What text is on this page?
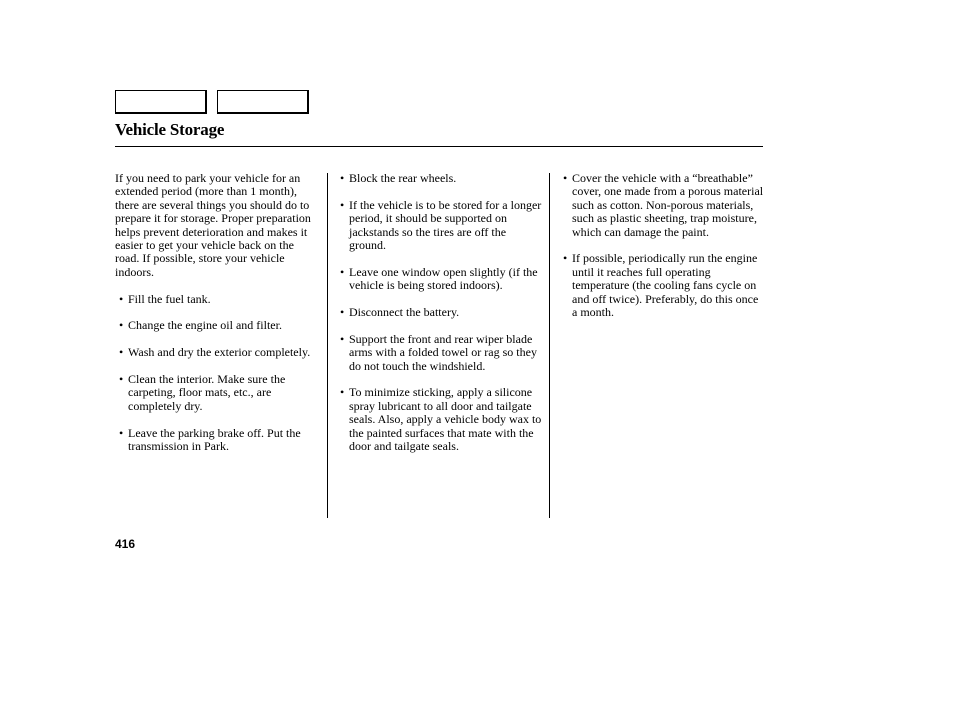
Vehicle Storage

If you need to park your vehicle for an extended period (more than 1 month), there are several things you should do to prepare it for storage. Proper preparation helps prevent deterioration and makes it easier to get your vehicle back on the road. If possible, store your vehicle indoors.

• Fill the fuel tank.
• Change the engine oil and filter.
• Wash and dry the exterior completely.
• Clean the interior. Make sure the carpeting, floor mats, etc., are completely dry.
• Leave the parking brake off. Put the transmission in Park.
• Block the rear wheels.
• If the vehicle is to be stored for a longer period, it should be supported on jackstands so the tires are off the ground.
• Leave one window open slightly (if the vehicle is being stored indoors).
• Disconnect the battery.
• Support the front and rear wiper blade arms with a folded towel or rag so they do not touch the windshield.
• To minimize sticking, apply a silicone spray lubricant to all door and tailgate seals. Also, apply a vehicle body wax to the painted surfaces that mate with the door and tailgate seals.
• Cover the vehicle with a “breathable” cover, one made from a porous material such as cotton. Non-porous materials, such as plastic sheeting, trap moisture, which can damage the paint.
• If possible, periodically run the engine until it reaches full operating temperature (the cooling fans cycle on and off twice). Preferably, do this once a month.
416
